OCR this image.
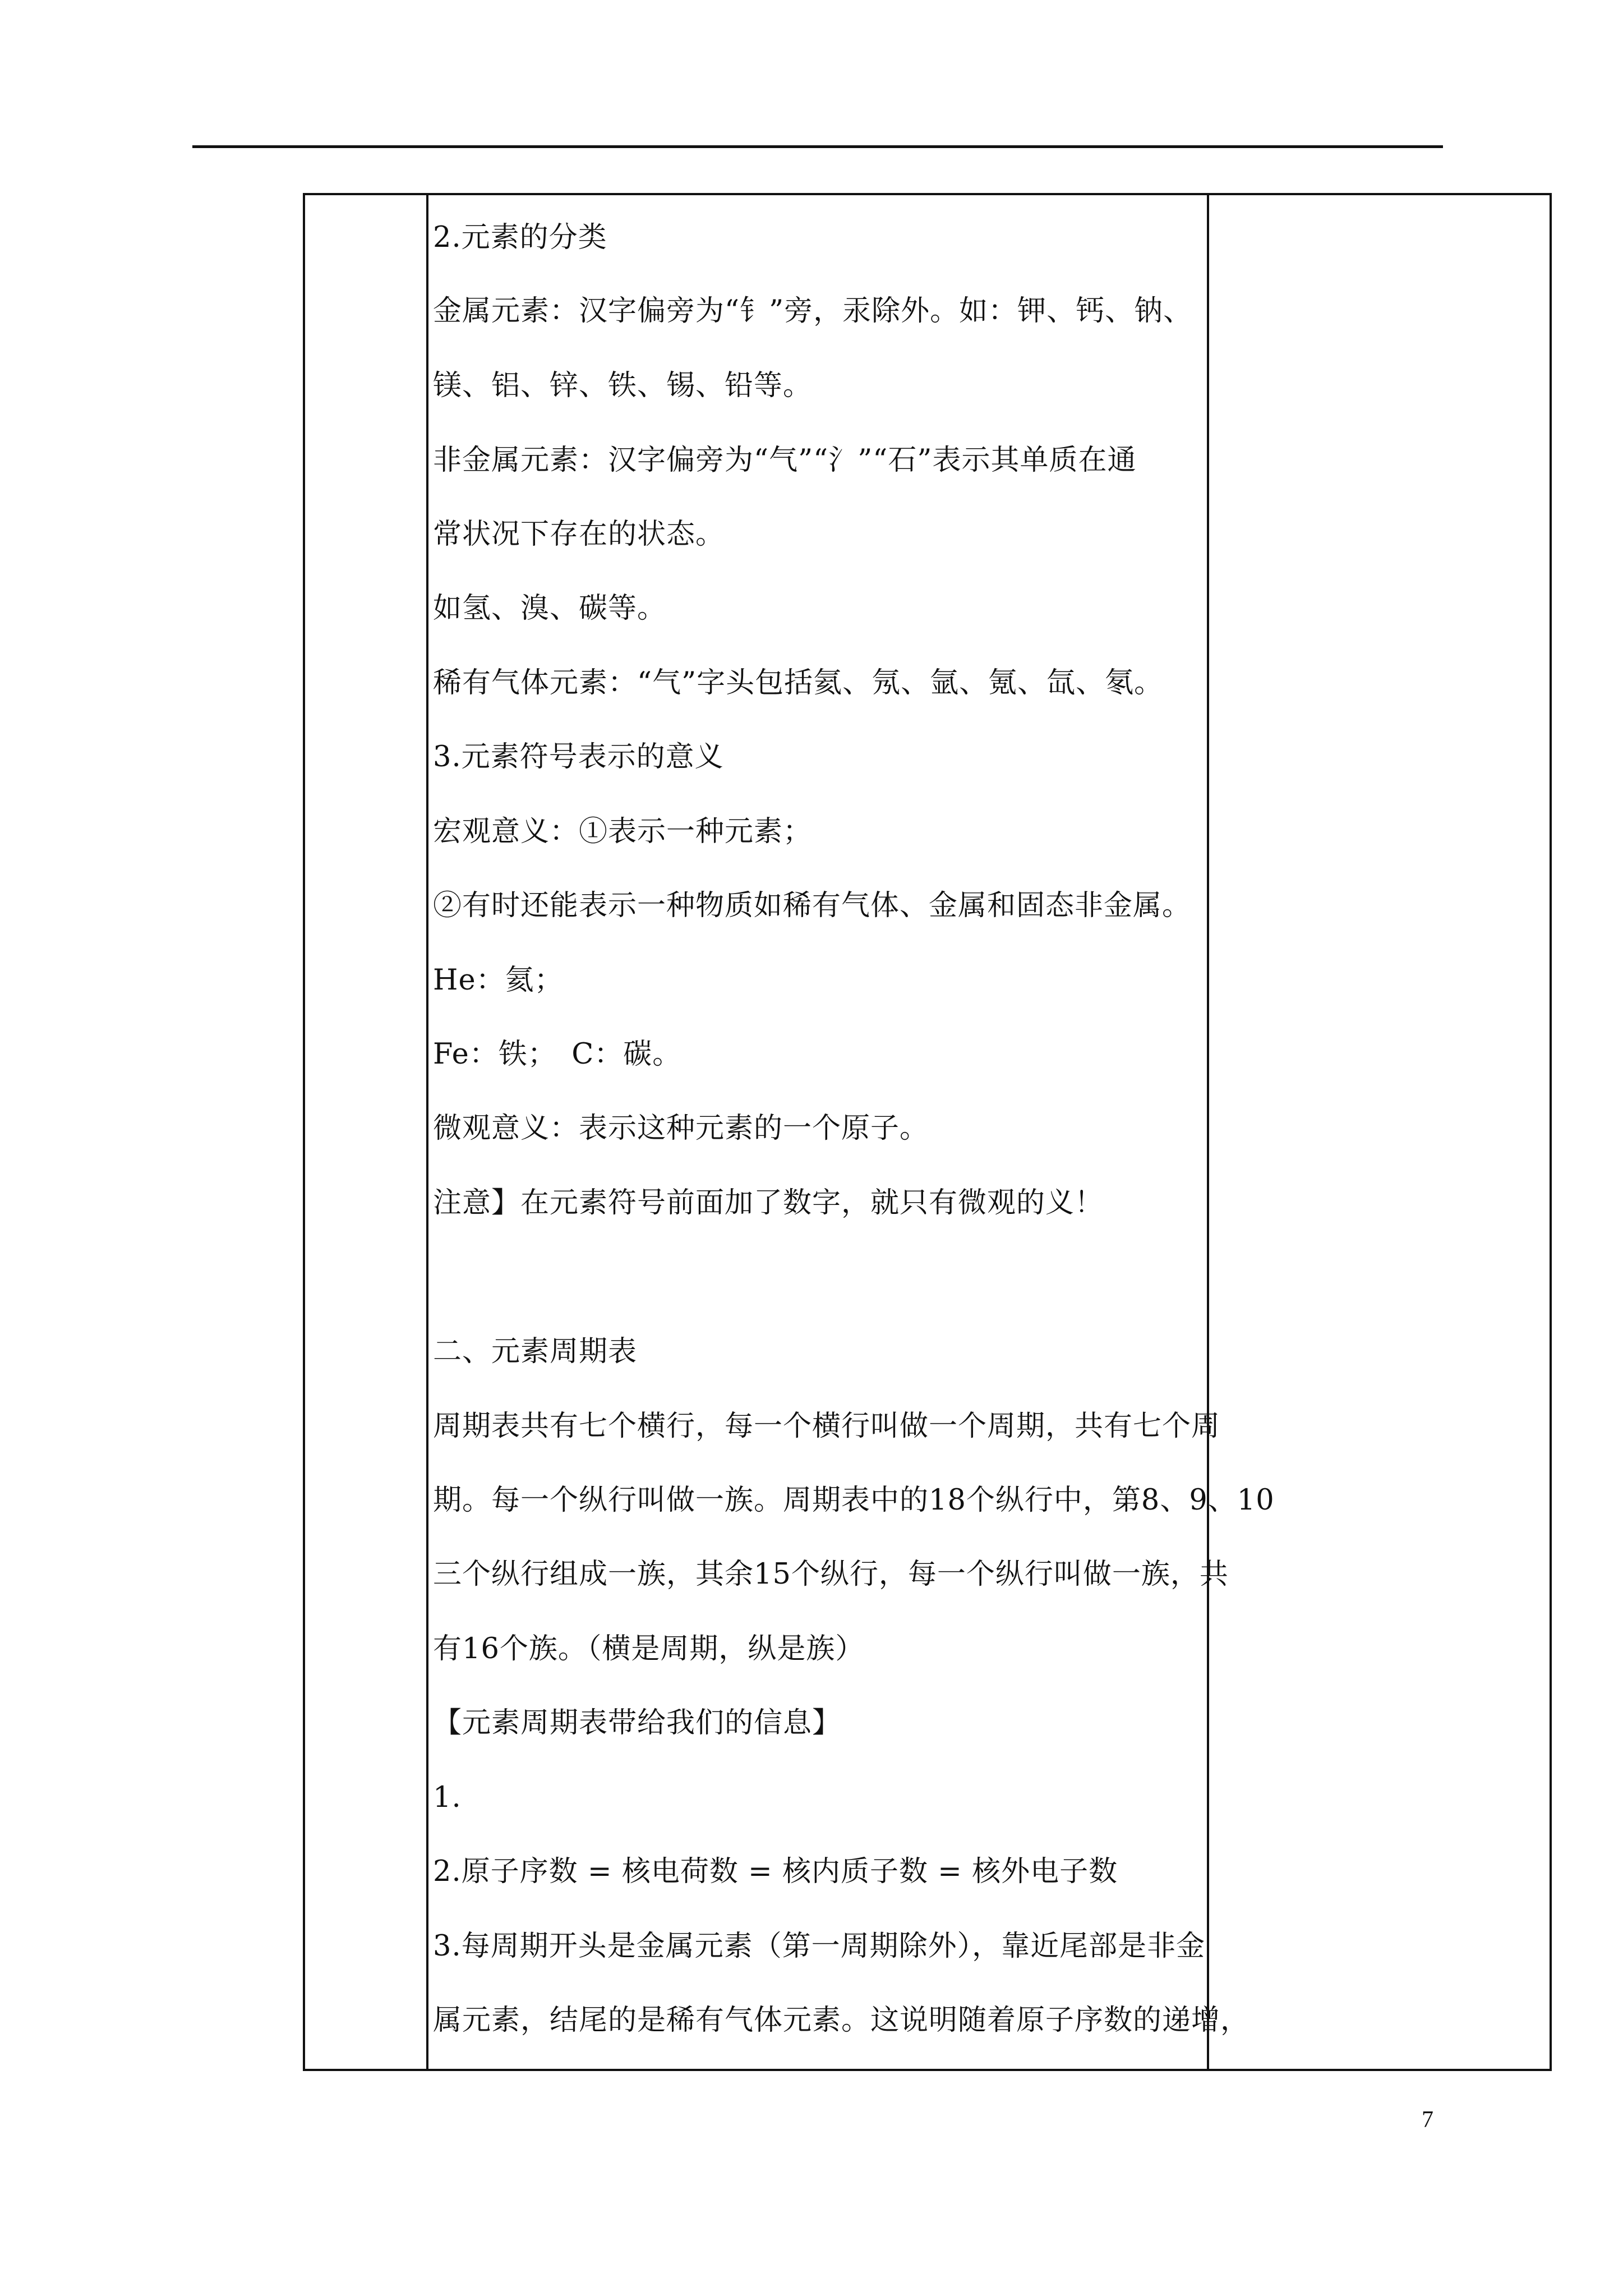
2.元素的分类
金属元素：汉字偏旁为“钅”旁，汞除外。如：钾、钙、钠、
镁、铝、锌、铁、锡、铅等。
非金属元素：汉字偏旁为“气”“氵”“石”表示其单质在通
常状况下存在的状态。
如氢、溴、碳等。
稀有气体元素：“气”字头包括氦、氖、氩、氪、氙、氡。
3.元素符号表示的意义
宏观意义：①表示一种元素；
②有时还能表示一种物质如稀有气体、金属和固态非金属。
He：氦；
Fe：铁；　C：碳。
微观意义：表示这种元素的一个原子。
注意】在元素符号前面加了数字，就只有微观的义！
二、元素周期表
周期表共有七个横行，每一个横行叫做一个周期，共有七个周
期。每一个纵行叫做一族。周期表中的18个纵行中，第8、9、10
三个纵行组成一族，其余15个纵行，每一个纵行叫做一族，共
有16个族。（横是周期，纵是族）
【元素周期表带给我们的信息】
1.
2.原子序数 = 核电荷数 = 核内质子数 = 核外电子数
3.每周期开头是金属元素（第一周期除外），靠近尾部是非金
属元素，结尾的是稀有气体元素。这说明随着原子序数的递增，
7
